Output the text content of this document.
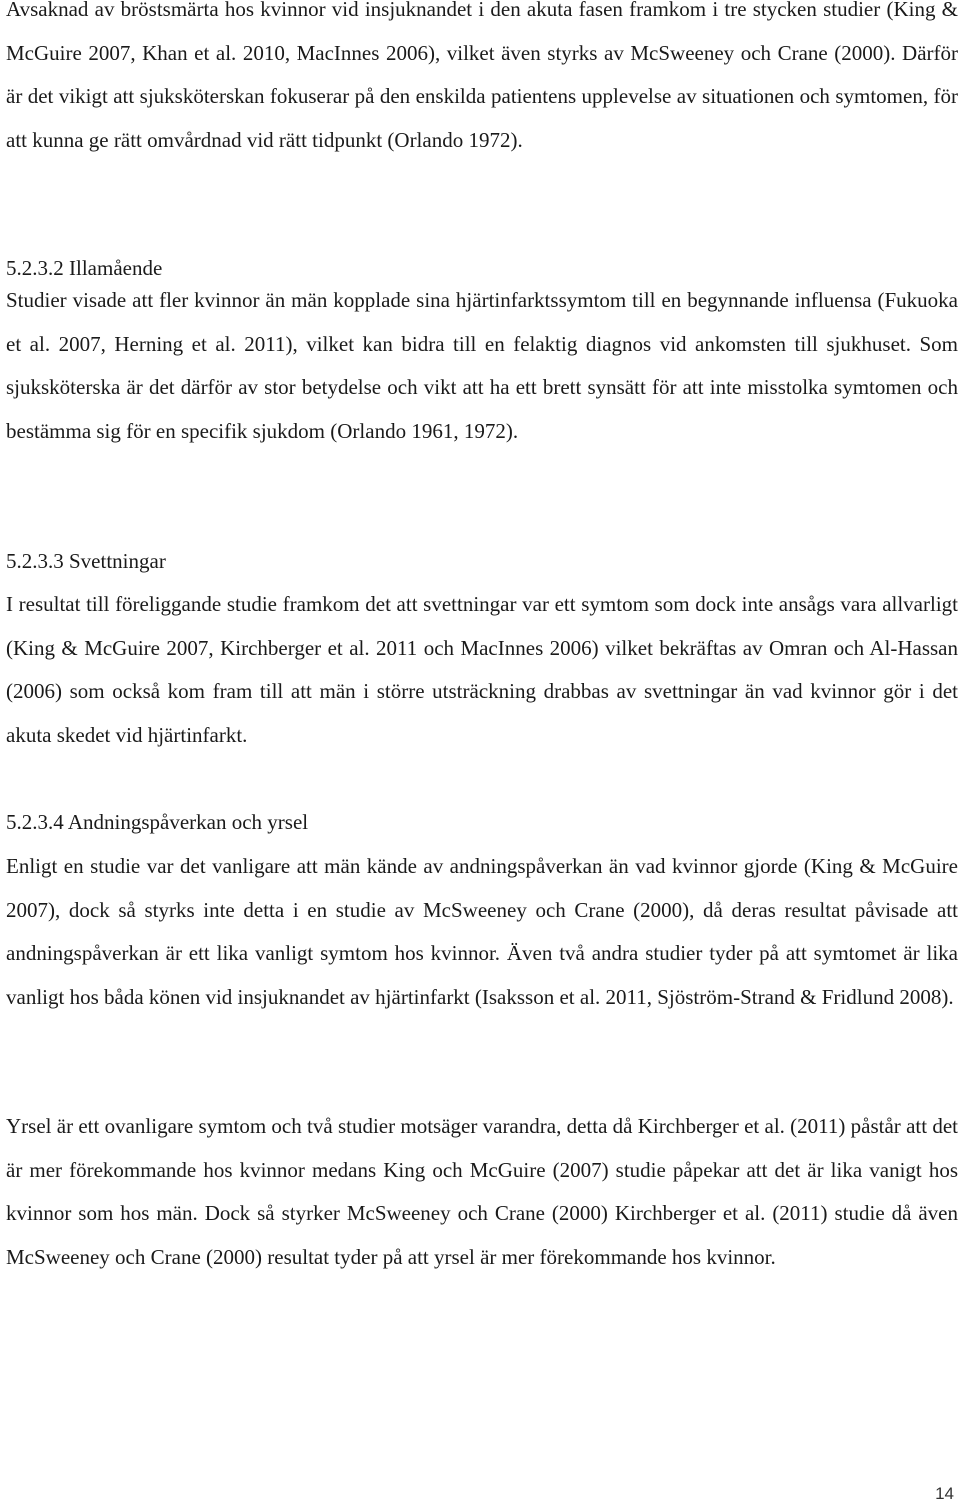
Avsaknad av bröstsmärta hos kvinnor vid insjuknandet i den akuta fasen framkom i tre stycken studier (King & McGuire 2007, Khan et al. 2010, MacInnes 2006), vilket även styrks av McSweeney och Crane (2000). Därför är det vikigt att sjuksköterskan fokuserar på den enskilda patientens upplevelse av situationen och symtomen, för att kunna ge rätt omvårdnad vid rätt tidpunkt (Orlando 1972).

5.2.3.2 Illamående

Studier visade att fler kvinnor än män kopplade sina hjärtinfarktssymtom till en begynnande influensa (Fukuoka et al. 2007, Herning et al. 2011), vilket kan bidra till en felaktig diagnos vid ankomsten till sjukhuset. Som sjuksköterska är det därför av stor betydelse och vikt att ha ett brett synsätt för att inte misstolka symtomen och bestämma sig för en specifik sjukdom (Orlando 1961, 1972).

5.2.3.3 Svettningar

I resultat till föreliggande studie framkom det att svettningar var ett symtom som dock inte ansågs vara allvarligt (King & McGuire 2007, Kirchberger et al. 2011 och MacInnes 2006) vilket bekräftas av Omran och Al-Hassan (2006) som också kom fram till att män i större utsträckning drabbas av svettningar än vad kvinnor gör i det akuta skedet vid hjärtinfarkt.

5.2.3.4 Andningspåverkan och yrsel

Enligt en studie var det vanligare att män kände av andningspåverkan än vad kvinnor gjorde (King & McGuire 2007), dock så styrks inte detta i en studie av McSweeney och Crane (2000), då deras resultat påvisade att andningspåverkan är ett lika vanligt symtom hos kvinnor. Även två andra studier tyder på att symtomet är lika vanligt hos båda könen vid insjuknandet av hjärtinfarkt (Isaksson et al. 2011, Sjöström-Strand & Fridlund 2008).

Yrsel är ett ovanligare symtom och två studier motsäger varandra, detta då Kirchberger et al. (2011) påstår att det är mer förekommande hos kvinnor medans King och McGuire (2007) studie påpekar att det är lika vanigt hos kvinnor som hos män. Dock så styrker McSweeney och Crane (2000) Kirchberger et al. (2011) studie då även McSweeney och Crane (2000) resultat tyder på att yrsel är mer förekommande hos kvinnor.

14
